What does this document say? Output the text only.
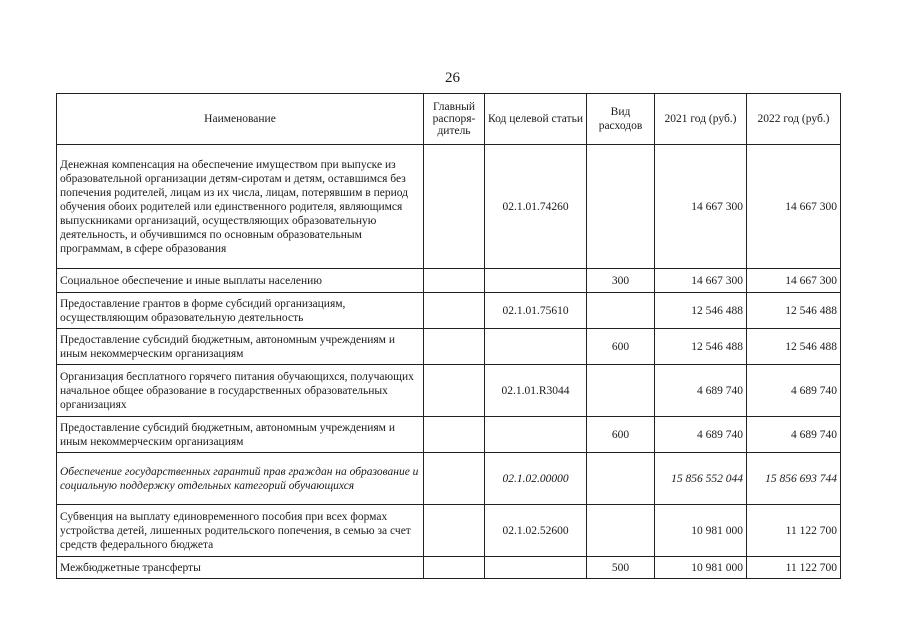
26
Наименование	Главный распоря-дитель	Код целевой статьи	Вид расходов	2021 год (руб.)	2022 год (руб.)
Денежная компенсация на обеспечение имуществом при выпуске из образовательной организации детям-сиротам и детям, оставшимся без попечения родителей, лицам из их числа, лицам, потерявшим в период обучения обоих родителей или единственного родителя, являющимся выпускниками организаций, осуществляющих образовательную деятельность, и обучившимся по основным образовательным программам, в сфере образования		02.1.01.74260		14 667 300	14 667 300
Социальное обеспечение и иные выплаты населению			300	14 667 300	14 667 300
Предоставление грантов в форме субсидий организациям, осуществляющим образовательную деятельность		02.1.01.75610		12 546 488	12 546 488
Предоставление субсидий бюджетным, автономным учреждениям и иным некоммерческим организациям			600	12 546 488	12 546 488
Организация бесплатного горячего питания обучающихся, получающих начальное общее образование в государственных образовательных организациях		02.1.01.R3044		4 689 740	4 689 740
Предоставление субсидий бюджетным, автономным учреждениям и иным некоммерческим организациям			600	4 689 740	4 689 740
Обеспечение государственных гарантий прав граждан на образование и социальную поддержку отдельных категорий обучающихся		02.1.02.00000		15 856 552 044	15 856 693 744
Субвенция на выплату единовременного пособия при всех формах устройства детей, лишенных родительского попечения, в семью за счет средств федерального бюджета		02.1.02.52600		10 981 000	11 122 700
Межбюджетные трансферты			500	10 981 000	11 122 700
